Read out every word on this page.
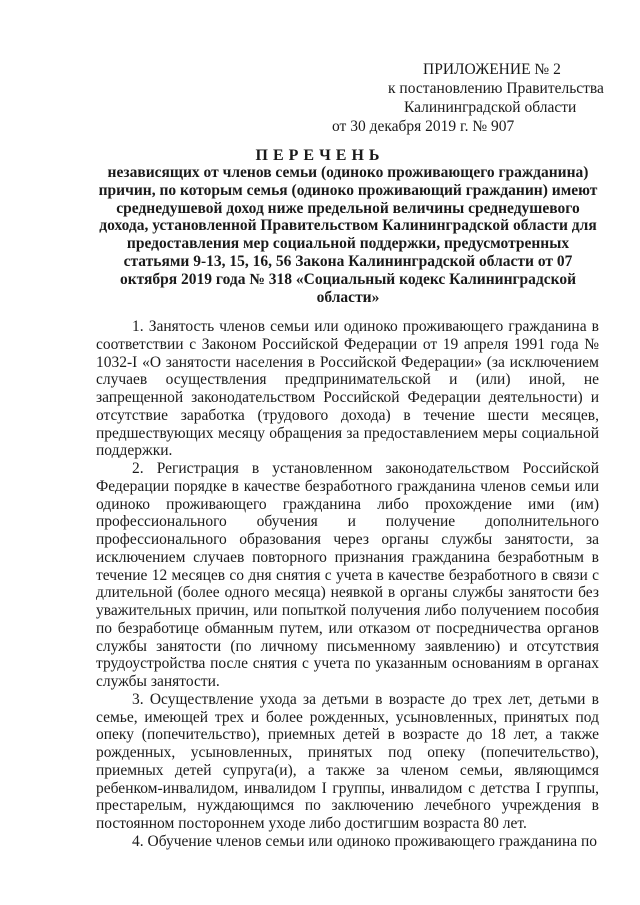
ПРИЛОЖЕНИЕ № 2
к постановлению Правительства
Калининградской области
от 30 декабря 2019 г. № 907
ПЕРЕЧЕНЬ
независящих от членов семьи (одиноко проживающего гражданина) причин, по которым семья (одиноко проживающий гражданин) имеют среднедушевой доход ниже предельной величины среднедушевого дохода, установленной Правительством Калининградской области для предоставления мер социальной поддержки, предусмотренных статьями 9-13, 15, 16, 56 Закона Калининградской области от 07 октября 2019 года № 318 «Социальный кодекс Калининградской области»

1. Занятость членов семьи или одиноко проживающего гражданина в соответствии с Законом Российской Федерации от 19 апреля 1991 года № 1032-I «О занятости населения в Российской Федерации» (за исключением случаев осуществления предпринимательской и (или) иной, не запрещенной законодательством Российской Федерации деятельности) и отсутствие заработка (трудового дохода) в течение шести месяцев, предшествующих месяцу обращения за предоставлением меры социальной поддержки.

2. Регистрация в установленном законодательством Российской Федерации порядке в качестве безработного гражданина членов семьи или одиноко проживающего гражданина либо прохождение ими (им) профессионального обучения и получение дополнительного профессионального образования через органы службы занятости, за исключением случаев повторного признания гражданина безработным в течение 12 месяцев со дня снятия с учета в качестве безработного в связи с длительной (более одного месяца) неявкой в органы службы занятости без уважительных причин, или попыткой получения либо получением пособия по безработице обманным путем, или отказом от посредничества органов службы занятости (по личному письменному заявлению) и отсутствия трудоустройства после снятия с учета по указанным основаниям в органах службы занятости.

3. Осуществление ухода за детьми в возрасте до трех лет, детьми в семье, имеющей трех и более рожденных, усыновленных, принятых под опеку (попечительство), приемных детей в возрасте до 18 лет, а также рожденных, усыновленных, принятых под опеку (попечительство), приемных детей супруга(и), а также за членом семьи, являющимся ребенком-инвалидом, инвалидом I группы, инвалидом с детства I группы, престарелым, нуждающимся по заключению лечебного учреждения в постоянном постороннем уходе либо достигшим возраста 80 лет.

4. Обучение членов семьи или одиноко проживающего гражданина по
